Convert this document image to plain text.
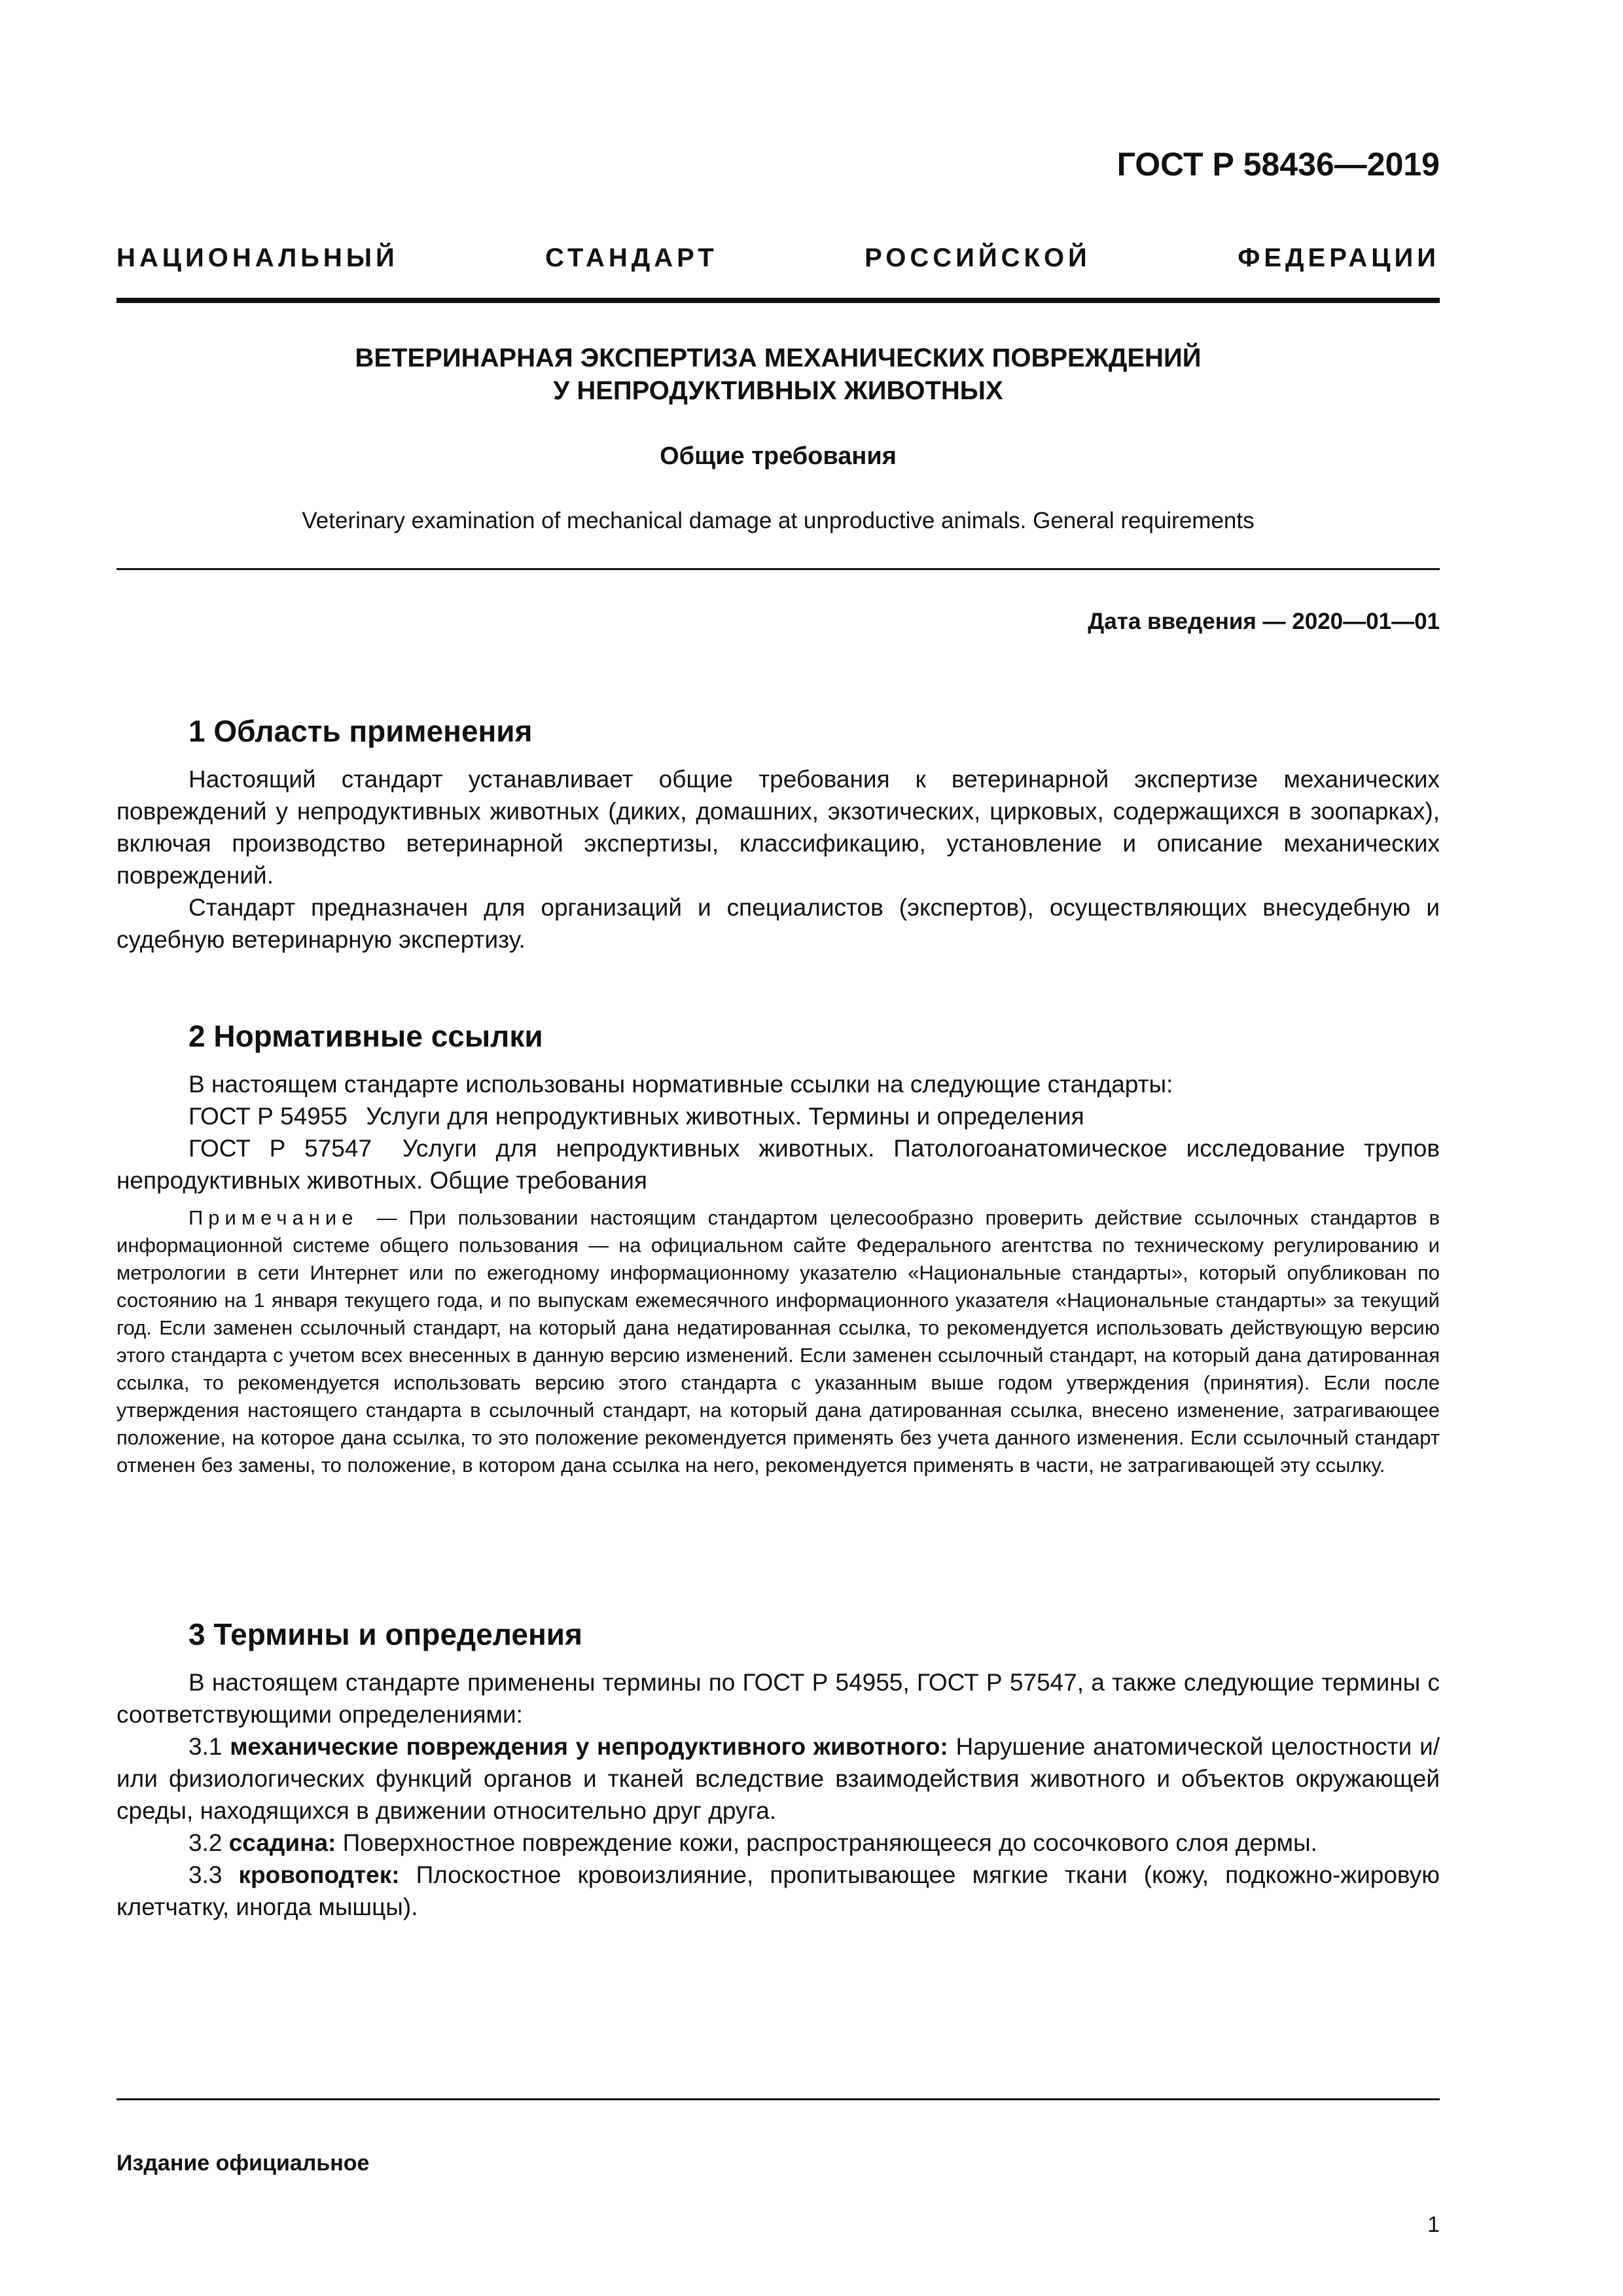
ГОСТ Р 58436—2019
НАЦИОНАЛЬНЫЙ СТАНДАРТ РОССИЙСКОЙ ФЕДЕРАЦИИ
ВЕТЕРИНАРНАЯ ЭКСПЕРТИЗА МЕХАНИЧЕСКИХ ПОВРЕЖДЕНИЙ
У НЕПРОДУКТИВНЫХ ЖИВОТНЫХ
Общие требования
Veterinary examination of mechanical damage at unproductive animals. General requirements
Дата введения — 2020—01—01
1 Область применения

Настоящий стандарт устанавливает общие требования к ветеринарной экспертизе механических повреждений у непродуктивных животных (диких, домашних, экзотических, цирковых, содержащихся в зоопарках), включая производство ветеринарной экспертизы, классификацию, установление и описание механических повреждений.

Стандарт предназначен для организаций и специалистов (экспертов), осуществляющих внесудебную и судебную ветеринарную экспертизу.

2 Нормативные ссылки

В настоящем стандарте использованы нормативные ссылки на следующие стандарты:

ГОСТ Р 54955 Услуги для непродуктивных животных. Термины и определения

ГОСТ Р 57547 Услуги для непродуктивных животных. Патологоанатомическое исследование трупов непродуктивных животных. Общие требования

Примечание — При пользовании настоящим стандартом целесообразно проверить действие ссылочных стандартов в информационной системе общего пользования — на официальном сайте Федерального агентства по техническому регулированию и метрологии в сети Интернет или по ежегодному информационному указателю «Национальные стандарты», который опубликован по состоянию на 1 января текущего года, и по выпускам ежемесячного информационного указателя «Национальные стандарты» за текущий год. Если заменен ссылочный стандарт, на который дана недатированная ссылка, то рекомендуется использовать действующую версию этого стандарта с учетом всех внесенных в данную версию изменений. Если заменен ссылочный стандарт, на который дана датированная ссылка, то рекомендуется использовать версию этого стандарта с указанным выше годом утверждения (принятия). Если после утверждения настоящего стандарта в ссылочный стандарт, на который дана датированная ссылка, внесено изменение, затрагивающее положение, на которое дана ссылка, то это положение рекомендуется применять без учета данного изменения. Если ссылочный стандарт отменен без замены, то положение, в котором дана ссылка на него, рекомендуется применять в части, не затрагивающей эту ссылку.

3 Термины и определения

В настоящем стандарте применены термины по ГОСТ Р 54955, ГОСТ Р 57547, а также следующие термины с соответствующими определениями:

3.1 механические повреждения у непродуктивного животного: Нарушение анатомической целостности и/или физиологических функций органов и тканей вследствие взаимодействия животного и объектов окружающей среды, находящихся в движении относительно друг друга.

3.2 ссадина: Поверхностное повреждение кожи, распространяющееся до сосочкового слоя дермы.

3.3 кровоподтек: Плоскостное кровоизлияние, пропитывающее мягкие ткани (кожу, подкожно-жировую клетчатку, иногда мышцы).

Издание официальное
1
